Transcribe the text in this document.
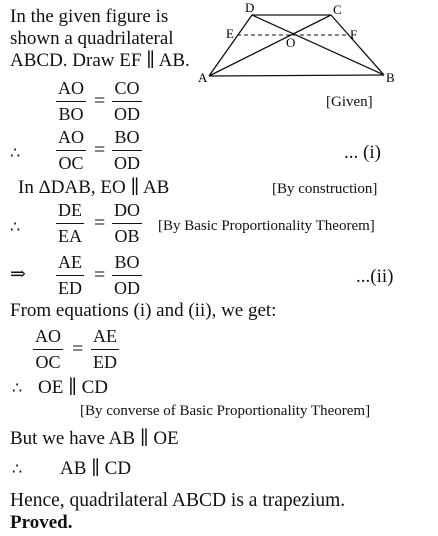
In the given figure is
shown a quadrilateral
ABCD. Draw EF ∥ AB.
A	B
C
D
E	F
O
$\frac{AO}{BO} = \frac{CO}{OD}$	[Given]
∴ $\frac{AO}{OC} = \frac{BO}{OD}$	... (i)
In ΔDAB, EO ∥ AB	[By construction]
∴ $\frac{DE}{EA} = \frac{DO}{OB} [By$ Basic Proportionality Theorem]
⇒ $\frac{AE}{ED} = \frac{BO}{OD}$	...(ii)
From equations (i) and (ii), we get:
$\frac{AO}{OC} = \frac{AE}{ED}$
∴ OE ∥ CD
[By converse of Basic Proportionality Theorem]
But we have AB ∥ OE
∴ AB ∥ CD
Hence, quadrilateral ABCD is a trapezium.
Proved.
